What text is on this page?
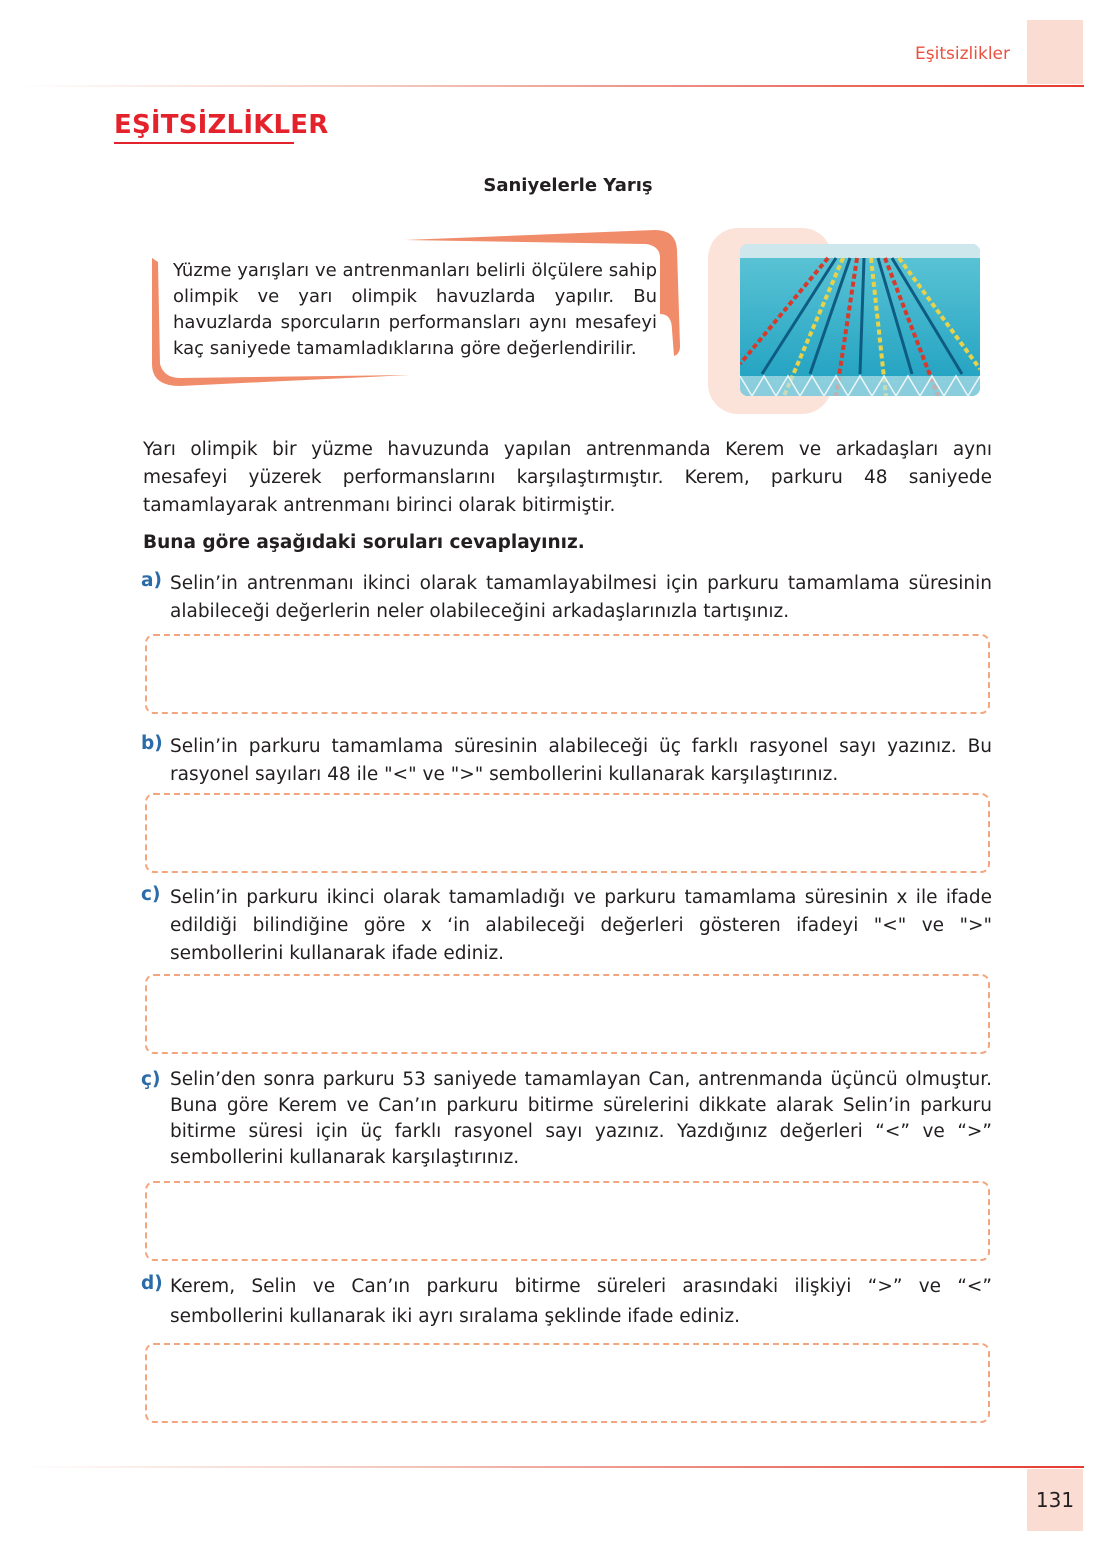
Eşitsizlikler
EŞİTSİZLİKLER
Saniyelerle Yarış
Yüzme yarışları ve antrenmanları belirli ölçülere sahip olimpik ve yarı olimpik havuzlarda yapılır. Bu havuzlarda sporcuların performansları aynı mesafeyi kaç saniyede tamamladıklarına göre değerlendirilir.
Yarı olimpik bir yüzme havuzunda yapılan antrenmanda Kerem ve arkadaşları aynı mesafeyi yüzerek performanslarını karşılaştırmıştır. Kerem, parkuru 48 saniyede tamamlayarak antrenmanı birinci olarak bitirmiştir.
Buna göre aşağıdaki soruları cevaplayınız.
a) Selin’in antrenmanı ikinci olarak tamamlayabilmesi için parkuru tamamlama süresinin alabileceği değerlerin neler olabileceğini arkadaşlarınızla tartışınız.
b) Selin’in parkuru tamamlama süresinin alabileceği üç farklı rasyonel sayı yazınız. Bu rasyonel sayıları 48 ile "<" ve ">" sembollerini kullanarak karşılaştırınız.
c) Selin’in parkuru ikinci olarak tamamladığı ve parkuru tamamlama süresinin x ile ifade edildiği bilindiğine göre x ‘in alabileceği değerleri gösteren ifadeyi "<" ve ">" sembollerini kullanarak ifade ediniz.
ç) Selin’den sonra parkuru 53 saniyede tamamlayan Can, antrenmanda üçüncü olmuştur. Buna göre Kerem ve Can’ın parkuru bitirme sürelerini dikkate alarak Selin’in parkuru bitirme süresi için üç farklı rasyonel sayı yazınız. Yazdığınız değerleri “<” ve “>” sembollerini kullanarak karşılaştırınız.
d) Kerem, Selin ve Can’ın parkuru bitirme süreleri arasındaki ilişkiyi “>” ve “<” sembollerini kullanarak iki ayrı sıralama şeklinde ifade ediniz.
131
